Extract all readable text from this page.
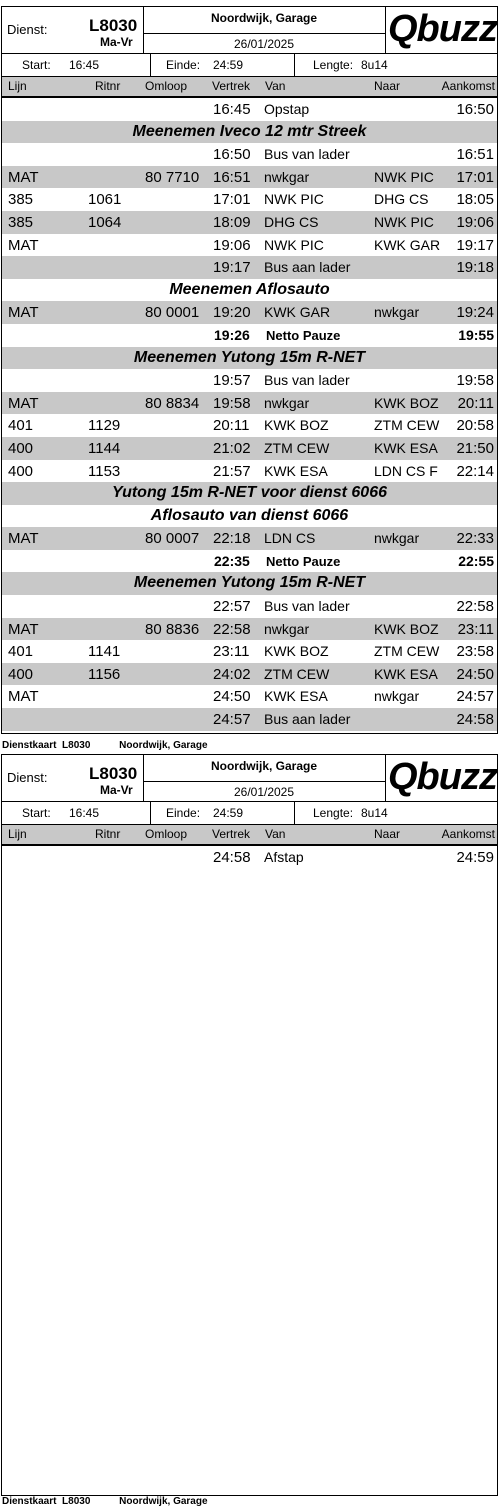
Dienst: L8030
Ma-Vr
Noordwijk, Garage
26/01/2025	Qbuzz
Start: 16:45	Einde: 24:59	Lengte: 8u14
Lijn	Ritnr Omloop Vertrek Van	Naar	Aankomst
16:45 Opstap	16:50
Meenemen Iveco 12 mtr Streek
16:50 Bus van lader	16:51
MAT	80 7710 16:51 nwkgar	NWK PIC 17:01
385	1061	17:01 NWK PIC	DHG CS 18:05
385	1064	18:09 DHG CS	NWK PIC 19:06
MAT	19:06 NWK PIC	KWK GAR 19:17
19:17 Bus aan lader	19:18
Meenemen Aflosauto
MAT	80 0001 19:20 KWK GAR	nwkgar 19:24
19:26 Netto Pauze	19:55
Meenemen Yutong 15m R-NET
19:57 Bus van lader	19:58
MAT	80 8834 19:58 nwkgar	KWK BOZ 20:11
401	1129	20:11 KWK BOZ	ZTM CEW 20:58
400	1144	21:02 ZTM CEW	KWK ESA 21:50
400	1153	21:57 KWK ESA	LDN CS F 22:14
Yutong 15m R-NET voor dienst 6066
Aflosauto van dienst 6066
MAT	80 0007 22:18 LDN CS	nwkgar 22:33
22:35 Netto Pauze	22:55
Meenemen Yutong 15m R-NET
22:57 Bus van lader	22:58
MAT	80 8836 22:58 nwkgar	KWK BOZ 23:11
401	1141	23:11 KWK BOZ	ZTM CEW 23:58
400	1156	24:02 ZTM CEW	KWK ESA 24:50
MAT	24:50 KWK ESA	nwkgar 24:57
24:57 Bus aan lader	24:58
Dienstkaart L8030	Noordwijk, Garage
Dienst: L8030
Ma-Vr
Noordwijk, Garage
26/01/2025	Qbuzz
Start: 16:45	Einde: 24:59	Lengte: 8u14
Lijn	Ritnr Omloop Vertrek Van	Naar	Aankomst
24:58 Afstap	24:59
Dienstkaart L8030	Noordwijk, Garage
